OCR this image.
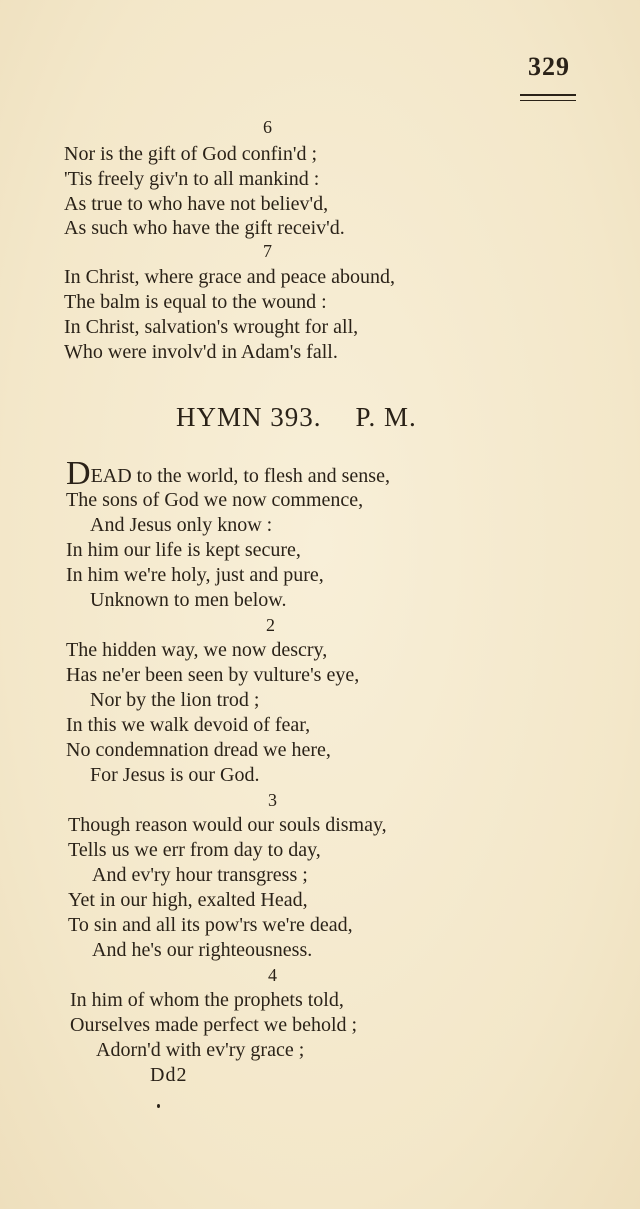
329
6
Nor is the gift of God confin'd ;
'Tis freely giv'n to all mankind :
As true to who have not believ'd,
As such who have the gift receiv'd.
7
In Christ, where grace and peace abound,
The balm is equal to the wound :
In Christ, salvation's wrought for all,
Who were involv'd in Adam's fall.
HYMN 393. P. M.
DEAD to the world, to flesh and sense,
The sons of God we now commence,
And Jesus only know :
In him our life is kept secure,
In him we're holy, just and pure,
Unknown to men below.
2
The hidden way, we now descry,
Has ne'er been seen by vulture's eye,
Nor by the lion trod ;
In this we walk devoid of fear,
No condemnation dread we here,
For Jesus is our God.
3
Though reason would our souls dismay,
Tells us we err from day to day,
And ev'ry hour transgress ;
Yet in our high, exalted Head,
To sin and all its pow'rs we're dead,
And he's our righteousness.
4
In him of whom the prophets told,
Ourselves made perfect we behold ;
Adorn'd with ev'ry grace ;
Dd2
